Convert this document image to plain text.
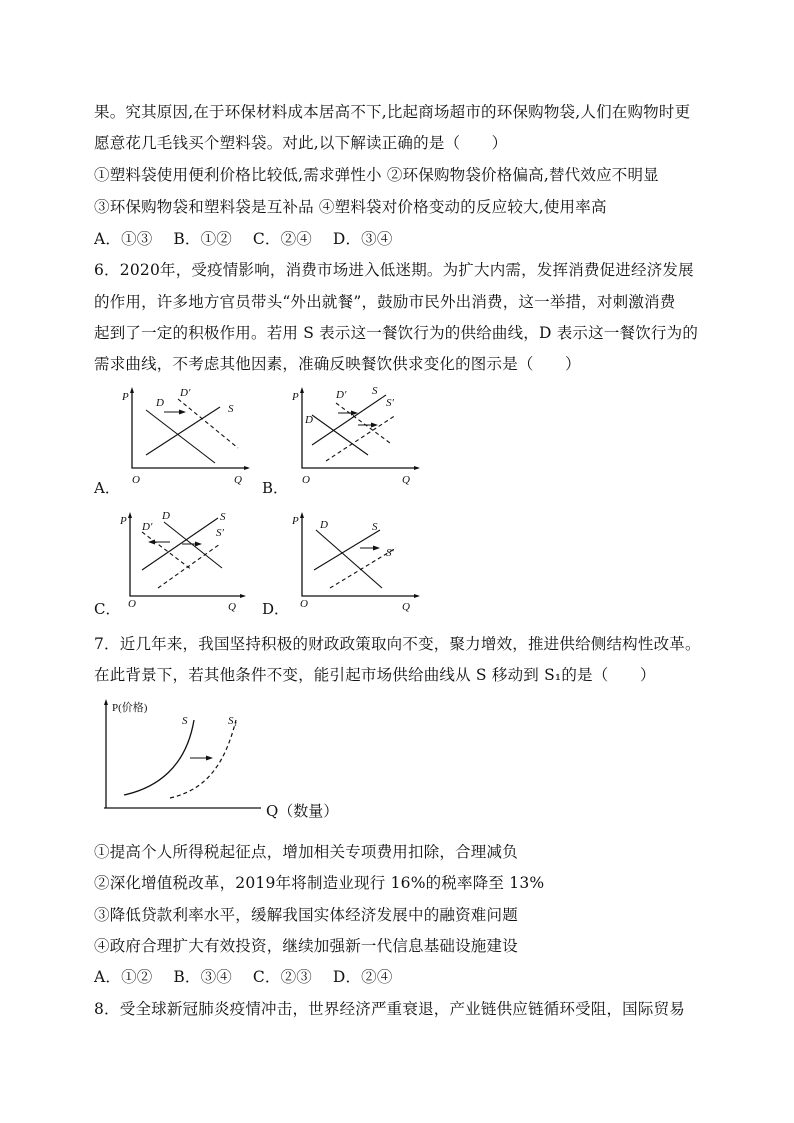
果。究其原因,在于环保材料成本居高不下,比起商场超市的环保购物袋,人们在购物时更
愿意花几毛钱买个塑料袋。对此,以下解读正确的是（　　）
①塑料袋使用便利价格比较低,需求弹性小 ②环保购物袋价格偏高,替代效应不明显
③环保购物袋和塑料袋是互补品 ④塑料袋对价格变动的反应较大,使用率高
A．①③　 B．①②　 C．②④　 D．③④
6．2020年，受疫情影响，消费市场进入低迷期。为扩大内需，发挥消费促进经济发展
的作用，许多地方官员带头“外出就餐”，鼓励市民外出消费，这一举措，对刺激消费
起到了一定的积极作用。若用 S 表示这一餐饮行为的供给曲线，D 表示这一餐饮行为的
需求曲线，不考虑其他因素，准确反映餐饮供求变化的图示是（　　）
P
O	Q
D
D′
S
A．
P
O	Q
D
D′ S
S′
B．
P
O	Q
D
D′
S
S′
C．
P
O	Q
D	S
S′
D．
7．近几年来，我国坚持积极的财政政策取向不变，聚力增效，推进供给侧结构性改革。
在此背景下，若其他条件不变，能引起市场供给曲线从 S 移动到 S₁的是（　　）
P(价格)
Q（数量）
S	S₁
①提高个人所得税起征点，增加相关专项费用扣除，合理减负
②深化增值税改革，2019年将制造业现行 16%的税率降至 13%
③降低贷款利率水平，缓解我国实体经济发展中的融资难问题
④政府合理扩大有效投资，继续加强新一代信息基础设施建设
A．①②　 B．③④　 C．②③　 D．②④
8．受全球新冠肺炎疫情冲击，世界经济严重衰退，产业链供应链循环受阻，国际贸易
